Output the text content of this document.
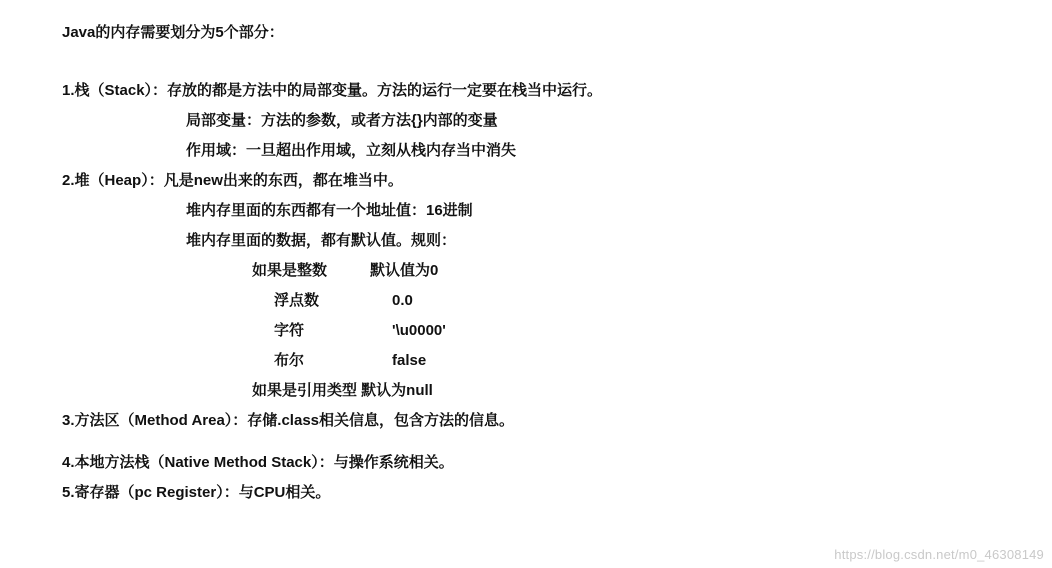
Java的内存需要划分为5个部分：
1.栈（Stack）：存放的都是方法中的局部变量。方法的运行一定要在栈当中运行。
局部变量：方法的参数，或者方法{}内部的变量
作用域：一旦超出作用域，立刻从栈内存当中消失
2.堆（Heap）：凡是new出来的东西，都在堆当中。
堆内存里面的东西都有一个地址值：16进制
堆内存里面的数据，都有默认值。规则：
如果是整数	默认值为0
浮点数	0.0
字符	'\u0000'
布尔	false
如果是引用类型 默认为null
3.方法区（Method Area）：存储.class相关信息，包含方法的信息。
4.本地方法栈（Native Method Stack）：与操作系统相关。
5.寄存器（pc Register）：与CPU相关。
https://blog.csdn.net/m0_46308149
